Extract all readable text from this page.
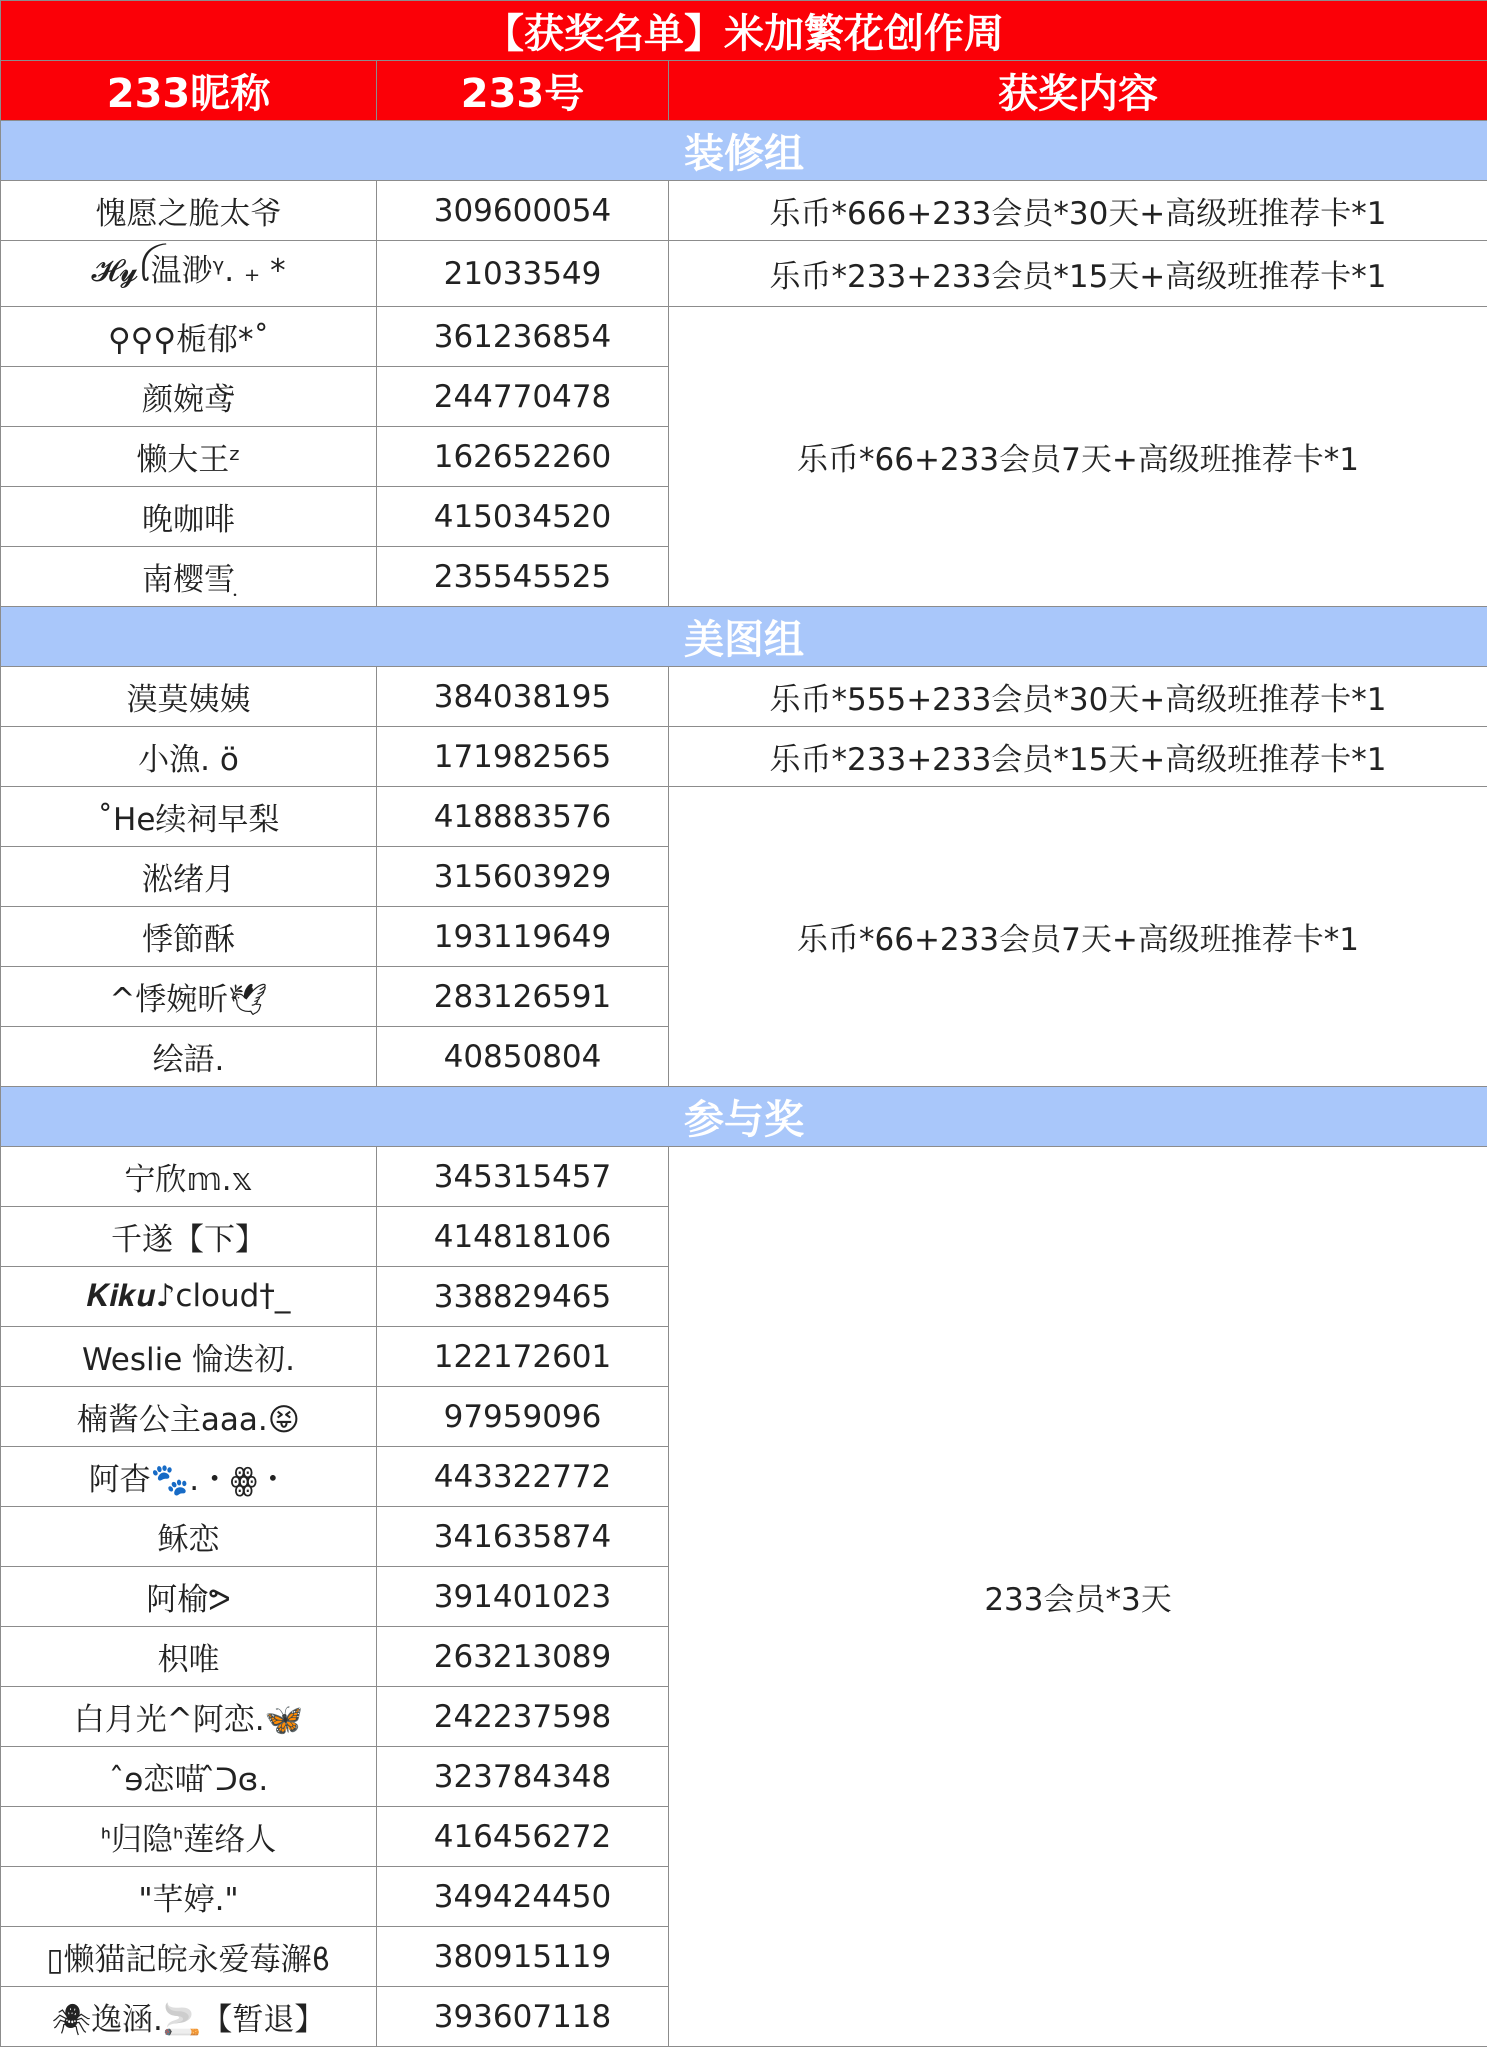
【获奖名单】米加繁花创作周		
233昵称	233号	获奖内容
装修组		
愧愿之脆太爷	309600054	乐币*666+233会员*30天+高级班推荐卡*1
𝓗𝔂ꪶ温渺ᵞ. ₊ *	21033549	乐币*233+233会员*15天+高级班推荐卡*1
⚲⚲⚲栀郁*˚	361236854	乐币*66+233会员7天+高级班推荐卡*1
颜婉鸢	244770478	
懒大王ᶻ	162652260	
晚咖啡	415034520	
南樱雪ׅׅ	235545525	
美图组		
漠莫姨姨	384038195	乐币*555+233会员*30天+高级班推荐卡*1
小漁. ö	171982565	乐币*233+233会员*15天+高级班推荐卡*1
˚He续祠早梨	418883576	乐币*66+233会员7天+高级班推荐卡*1
淞绪月	315603929	
悸節酥	193119649	
^悸婉昕🕊	283126591	
绘語.	40850804	
参与奖		
宁欣𝕞.𝕩	345315457	233会员*3天
千遂【下】	414818106	
𝑲𝒊𝒌𝒖♪cloud†_	338829465	
Weslie 惀迭初.	122172601	
楠酱公主aaa.😝	97959096	
阿杳🐾.・ꙮ・	443322772	
稣恋	341635874	
阿榆ᕗ	391401023	
枳唯	263213089	
白月光^阿恋.🦋	242237598	
ˆɘ恋喵 ̂ᑐɞ.	323784348	
ᑋ归隐ᑋ莲络人	416456272	
"芊婷."	349424450	
▯懒猫記皖永爱莓澥ϐ	380915119	
🕷逸涵.🚬【暂退】	393607118	
